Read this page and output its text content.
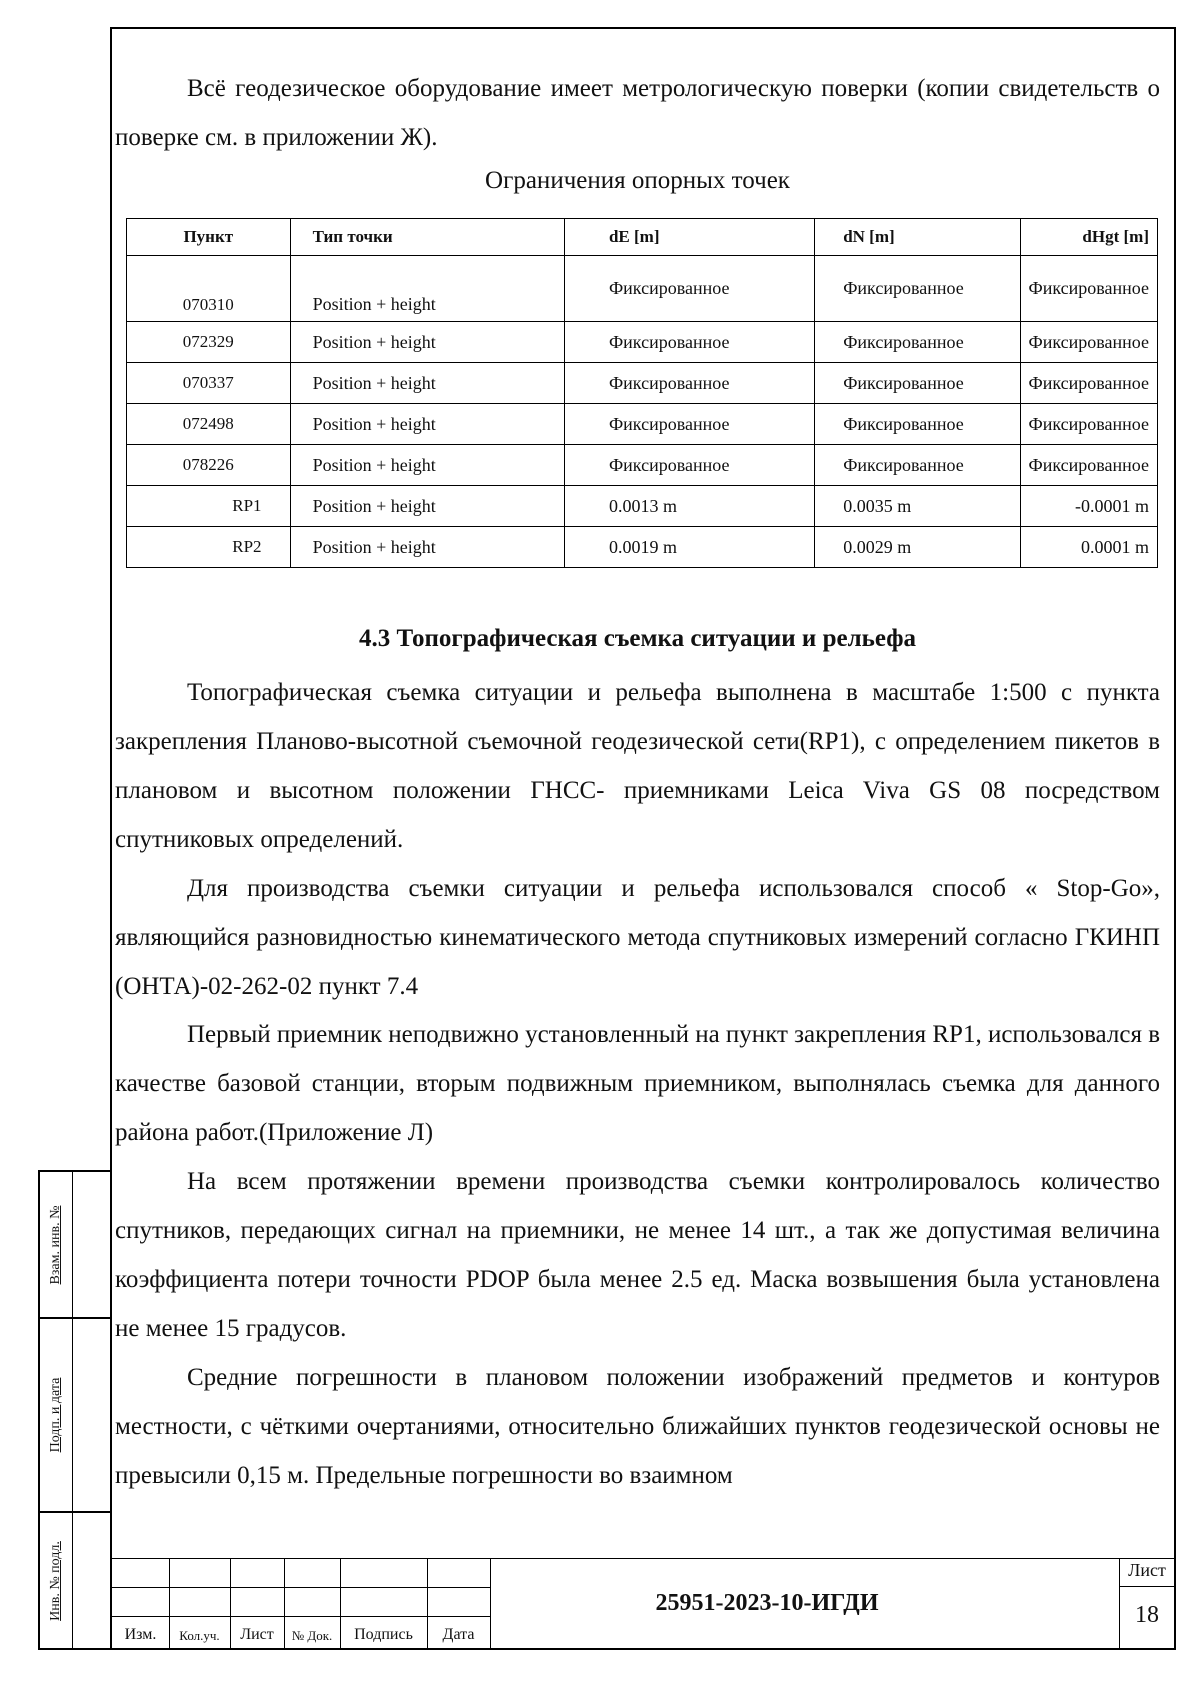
Взам. инв. №
Подп. и дата
Инв. № подл.

Всё геодезическое оборудование имеет метрологическую поверки (копии свидетельств о поверке см. в приложении Ж).

Ограничения опорных точек
Пункт	Тип точки	dE [m]	dN [m]	dHgt [m]
070310	Position + height	Фиксированное	Фиксированное	Фиксированное
072329	Position + height	Фиксированное	Фиксированное	Фиксированное
070337	Position + height	Фиксированное	Фиксированное	Фиксированное
072498	Position + height	Фиксированное	Фиксированное	Фиксированное
078226	Position + height	Фиксированное	Фиксированное	Фиксированное
RP1	Position + height	0.0013 m	0.0035 m	-0.0001 m
RP2	Position + height	0.0019 m	0.0029 m	0.0001 m
4.3 Топографическая съемка ситуации и рельефа

Топографическая съемка ситуации и рельефа выполнена в масштабе 1:500 с пункта закрепления Планово-высотной съемочной геодезической сети(RP1), с определением пикетов в плановом и высотном положении ГНСС- приемниками Leica Viva GS 08 посредством спутниковых определений.

Для производства съемки ситуации и рельефа использовался способ « Stop-Go», являющийся разновидностью кинематического метода спутниковых измерений согласно ГКИНП (ОНТА)-02-262-02 пункт 7.4

Первый приемник неподвижно установленный на пункт закрепления RP1, использовался в качестве базовой станции, вторым подвижным приемником, выполнялась съемка для данного района работ.(Приложение Л)

На всем протяжении времени производства съемки контролировалось количество спутников, передающих сигнал на приемники, не менее 14 шт., а так же допустимая величина коэффициента потери точности PDOP была менее 2.5 ед. Маска возвышения была установлена не менее 15 градусов.

Средние погрешности в плановом положении изображений предметов и контуров местности, с чёткими очертаниями, относительно ближайших пунктов геодезической основы не превысили 0,15 м. Предельные погрешности во взаимном

Изм.	Кол.уч.	Лист	№ Док.	Подпись	Дата
25951-2023-10-ИГДИ
Лист
18
